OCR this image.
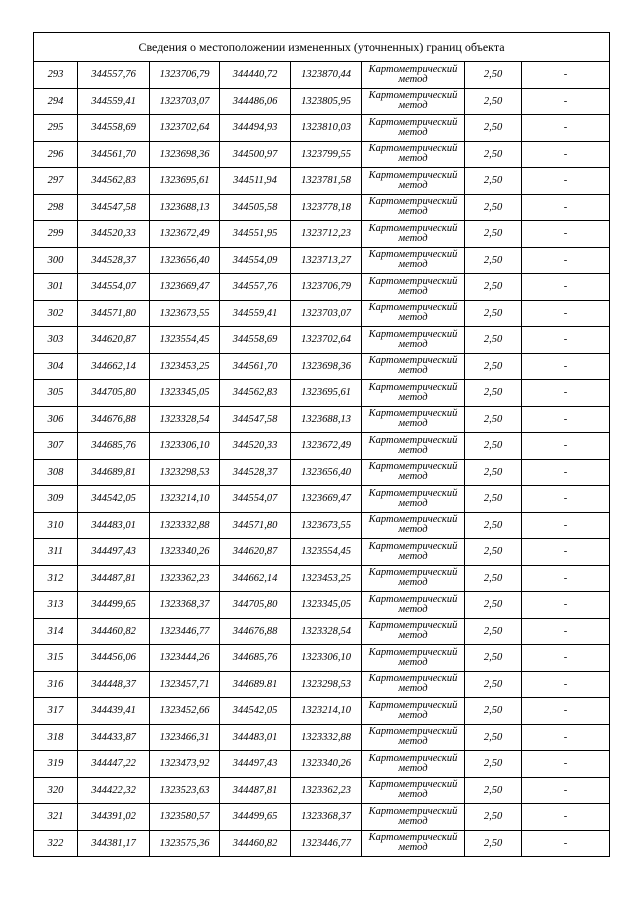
Сведения о местоположении измененных (уточненных) границ объекта							
293	344557,76	1323706,79	344440,72	1323870,44	Картометрический
метод	2,50	-
294	344559,41	1323703,07	344486,06	1323805,95	Картометрический
метод	2,50	-
295	344558,69	1323702,64	344494,93	1323810,03	Картометрический
метод	2,50	-
296	344561,70	1323698,36	344500,97	1323799,55	Картометрический
метод	2,50	-
297	344562,83	1323695,61	344511,94	1323781,58	Картометрический
метод	2,50	-
298	344547,58	1323688,13	344505,58	1323778,18	Картометрический
метод	2,50	-
299	344520,33	1323672,49	344551,95	1323712,23	Картометрический
метод	2,50	-
300	344528,37	1323656,40	344554,09	1323713,27	Картометрический
метод	2,50	-
301	344554,07	1323669,47	344557,76	1323706,79	Картометрический
метод	2,50	-
302	344571,80	1323673,55	344559,41	1323703,07	Картометрический
метод	2,50	-
303	344620,87	1323554,45	344558,69	1323702,64	Картометрический
метод	2,50	-
304	344662,14	1323453,25	344561,70	1323698,36	Картометрический
метод	2,50	-
305	344705,80	1323345,05	344562,83	1323695,61	Картометрический
метод	2,50	-
306	344676,88	1323328,54	344547,58	1323688,13	Картометрический
метод	2,50	-
307	344685,76	1323306,10	344520,33	1323672,49	Картометрический
метод	2,50	-
308	344689,81	1323298,53	344528,37	1323656,40	Картометрический
метод	2,50	-
309	344542,05	1323214,10	344554,07	1323669,47	Картометрический
метод	2,50	-
310	344483,01	1323332,88	344571,80	1323673,55	Картометрический
метод	2,50	-
311	344497,43	1323340,26	344620,87	1323554,45	Картометрический
метод	2,50	-
312	344487,81	1323362,23	344662,14	1323453,25	Картометрический
метод	2,50	-
313	344499,65	1323368,37	344705,80	1323345,05	Картометрический
метод	2,50	-
314	344460,82	1323446,77	344676,88	1323328,54	Картометрический
метод	2,50	-
315	344456,06	1323444,26	344685,76	1323306,10	Картометрический
метод	2,50	-
316	344448,37	1323457,71	344689.81	1323298,53	Картометрический
метод	2,50	-
317	344439,41	1323452,66	344542,05	1323214,10	Картометрический
метод	2,50	-
318	344433,87	1323466,31	344483,01	1323332,88	Картометрический
метод	2,50	-
319	344447,22	1323473,92	344497,43	1323340,26	Картометрический
метод	2,50	-
320	344422,32	1323523,63	344487,81	1323362,23	Картометрический
метод	2,50	-
321	344391,02	1323580,57	344499,65	1323368,37	Картометрический
метод	2,50	-
322	344381,17	1323575,36	344460,82	1323446,77	Картометрический
метод	2,50	-
